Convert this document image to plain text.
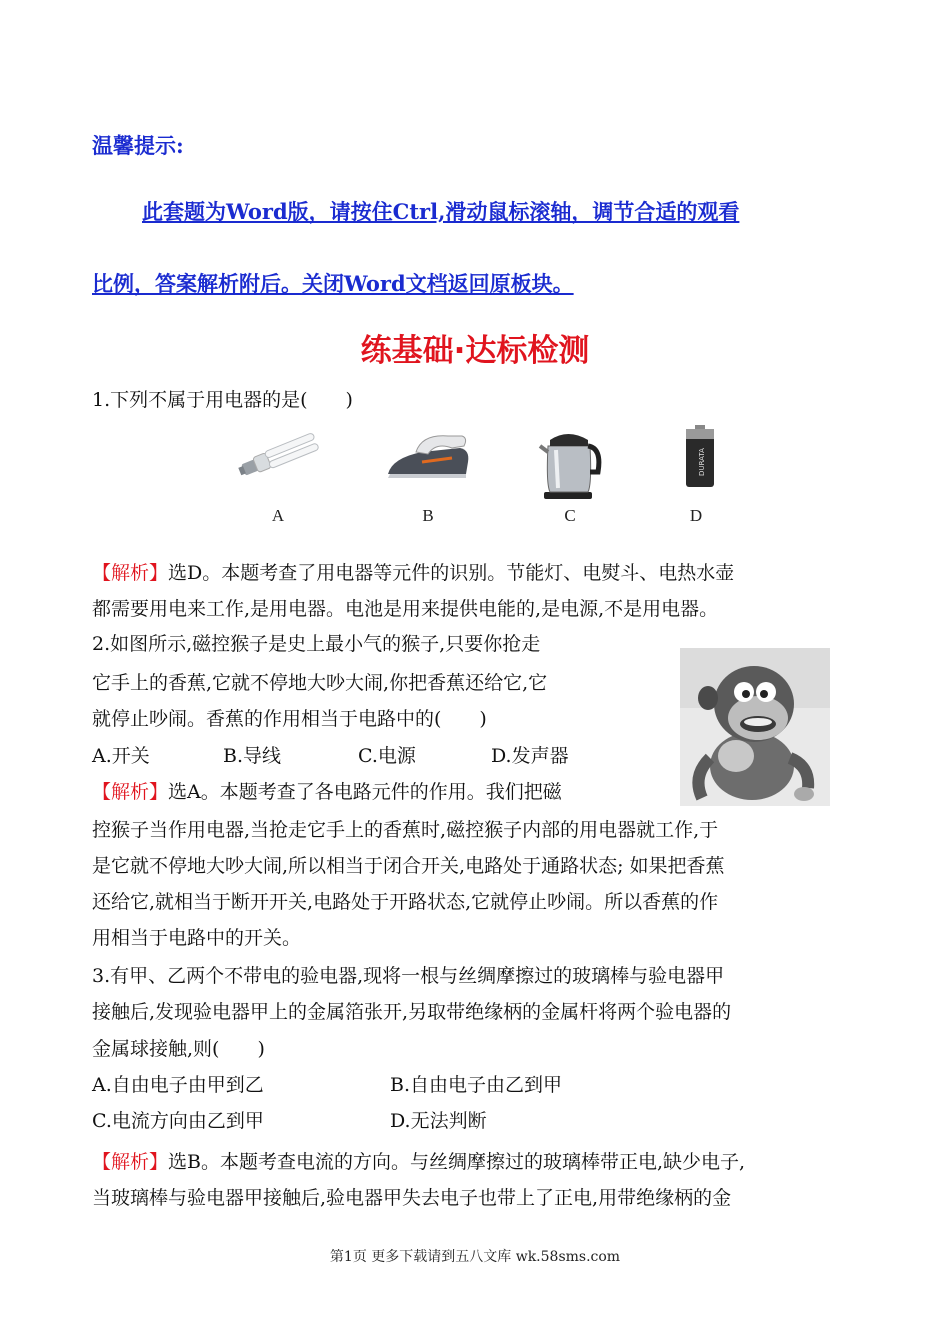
温馨提示:
此套题为Word版，请按住Ctrl,滑动鼠标滚轴，调节合适的观看
比例，答案解析附后。关闭Word文档返回原板块。
练基础·达标检测
1.下列不属于用电器的是(　　)
DURATA
A	B	C	D
【解析】选D。本题考查了用电器等元件的识别。节能灯、电熨斗、电热水壶
都需要用电来工作,是用电器。电池是用来提供电能的,是电源,不是用电器。
2.如图所示,磁控猴子是史上最小气的猴子,只要你抢走
它手上的香蕉,它就不停地大吵大闹,你把香蕉还给它,它
就停止吵闹。香蕉的作用相当于电路中的(　　)
A.开关	B.导线	C.电源	D.发声器
【解析】选A。本题考查了各电路元件的作用。我们把磁
控猴子当作用电器,当抢走它手上的香蕉时,磁控猴子内部的用电器就工作,于
是它就不停地大吵大闹,所以相当于闭合开关,电路处于通路状态; 如果把香蕉
还给它,就相当于断开开关,电路处于开路状态,它就停止吵闹。所以香蕉的作
用相当于电路中的开关。
3.有甲、乙两个不带电的验电器,现将一根与丝绸摩擦过的玻璃棒与验电器甲
接触后,发现验电器甲上的金属箔张开,另取带绝缘柄的金属杆将两个验电器的
金属球接触,则(　　)
A.自由电子由甲到乙	B.自由电子由乙到甲
C.电流方向由乙到甲	D.无法判断
【解析】选B。本题考查电流的方向。与丝绸摩擦过的玻璃棒带正电,缺少电子,
当玻璃棒与验电器甲接触后,验电器甲失去电子也带上了正电,用带绝缘柄的金
第1页 更多下载请到五八文库 wk.58sms.com
